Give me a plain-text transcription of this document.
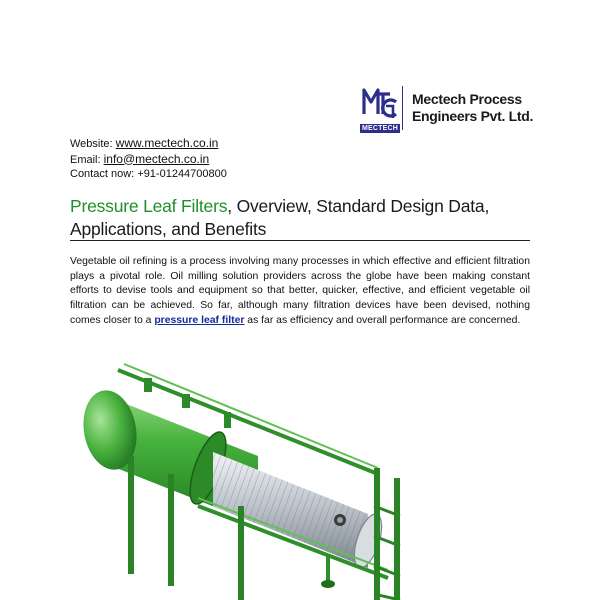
MECTECH
Mectech Process
Engineers Pvt. Ltd.
Website: www.mectech.co.in
Email: info@mectech.co.in
Contact now: +91-01244700800
Pressure Leaf Filters, Overview, Standard Design Data, Applications, and Benefits

Vegetable oil refining is a process involving many processes in which effective and efficient filtration plays a pivotal role. Oil milling solution providers across the globe have been making constant efforts to devise tools and equipment so that better, quicker, effective, and efficient vegetable oil filtration can be achieved. So far, although many filtration devices have been devised, nothing comes closer to a pressure leaf filter as far as efficiency and overall performance are concerned.
